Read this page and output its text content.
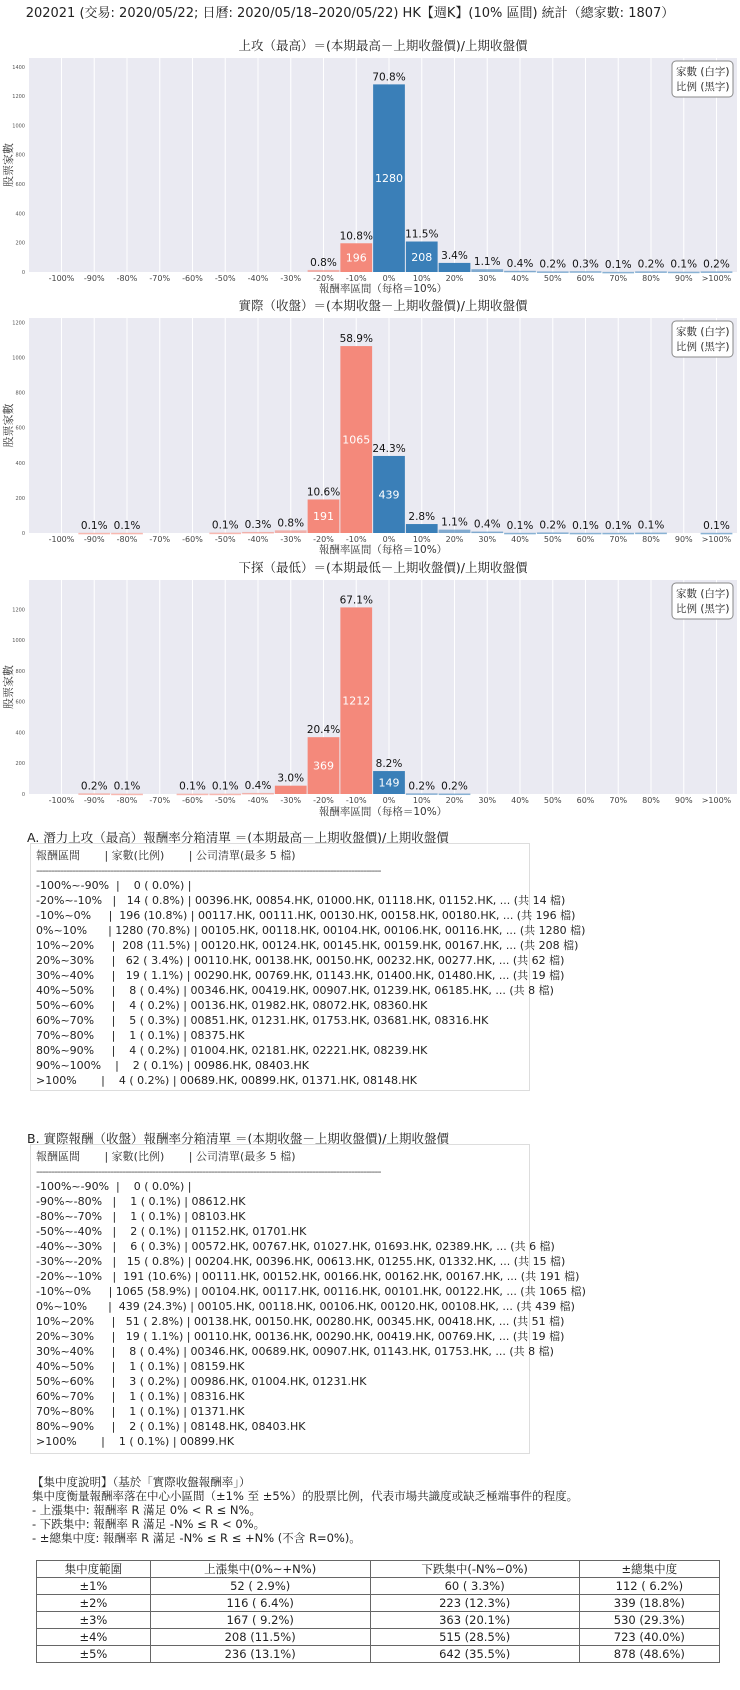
202021 (交易: 2020/05/22; 日曆: 2020/05/18–2020/05/22) HK【週K】(10% 區間) 統計（總家數: 1807）
上攻（最高）＝(本期最高－上期收盤價)/上期收盤價
股票家數
0
200
400
600
800
1000
1200
1400
-100% -90% -80% -70% -60% -50% -40% -30%
0.8%
-20%
196
10.8%
-10%
1280
70.8%
0%
208
11.5%
10%
3.4%
20%
1.1%
30%
0.4%
40%
0.2%
50%
0.3%
60%
0.1%
70%
0.2%
80%
0.1%
90%
0.2%
>100%
報酬率區間（每格＝10%）
家數 (白字)
比例 (黑字)
實際（收盤）＝(本期收盤－上期收盤價)/上期收盤價
股票家數
0
200
400
600
800
1000
1200
-100%
0.1%
-90%
0.1%
-80% -70% -60%
0.1%
-50%
0.3%
-40%
0.8%
-30%
191
10.6%
-20%
1065
58.9%
-10%
439
24.3%
0%
2.8%
10%
1.1%
20%
0.4%
30%
0.1%
40%
0.2%
50%
0.1%
60%
0.1%
70%
0.1%
80% 90%
0.1%
>100%
報酬率區間（每格＝10%）
家數 (白字)
比例 (黑字)
下探（最低）＝(本期最低－上期收盤價)/上期收盤價
股票家數
0
200
400
600
800
1000
1200
-100%
0.2%
-90%
0.1%
-80% -70%
0.1%
-60%
0.1%
-50%
0.4%
-40%
3.0%
-30%
369
20.4%
-20%
1212
67.1%
-10%
149
8.2%
0%
0.2%
10%
0.2%
20% 30% 40% 50% 60% 70% 80% 90% >100%
報酬率區間（每格＝10%）
家數 (白字)
比例 (黑字)
A. 潛力上攻（最高）報酬率分箱清單 ＝(本期最高－上期收盤價)/上期收盤價
報酬區間       | 家數(比例)       | 公司清單(最多 5 檔)
--------------------------------------------------------------------------------------------------------------------
-100%~-90%  |    0 ( 0.0%) |
-20%~-10%   |   14 ( 0.8%) | 00396.HK, 00854.HK, 01000.HK, 01118.HK, 01152.HK, ... (共 14 檔)
-10%~0%     |  196 (10.8%) | 00117.HK, 00111.HK, 00130.HK, 00158.HK, 00180.HK, ... (共 196 檔)
0%~10%      | 1280 (70.8%) | 00105.HK, 00118.HK, 00104.HK, 00106.HK, 00116.HK, ... (共 1280 檔)
10%~20%     |  208 (11.5%) | 00120.HK, 00124.HK, 00145.HK, 00159.HK, 00167.HK, ... (共 208 檔)
20%~30%     |   62 ( 3.4%) | 00110.HK, 00138.HK, 00150.HK, 00232.HK, 00277.HK, ... (共 62 檔)
30%~40%     |   19 ( 1.1%) | 00290.HK, 00769.HK, 01143.HK, 01400.HK, 01480.HK, ... (共 19 檔)
40%~50%     |    8 ( 0.4%) | 00346.HK, 00419.HK, 00907.HK, 01239.HK, 06185.HK, ... (共 8 檔)
50%~60%     |    4 ( 0.2%) | 00136.HK, 01982.HK, 08072.HK, 08360.HK
60%~70%     |    5 ( 0.3%) | 00851.HK, 01231.HK, 01753.HK, 03681.HK, 08316.HK
70%~80%     |    1 ( 0.1%) | 08375.HK
80%~90%     |    4 ( 0.2%) | 01004.HK, 02181.HK, 02221.HK, 08239.HK
90%~100%    |    2 ( 0.1%) | 00986.HK, 08403.HK
>100%       |    4 ( 0.2%) | 00689.HK, 00899.HK, 01371.HK, 08148.HK
B. 實際報酬（收盤）報酬率分箱清單 ＝(本期收盤－上期收盤價)/上期收盤價
報酬區間       | 家數(比例)       | 公司清單(最多 5 檔)
--------------------------------------------------------------------------------------------------------------------
-100%~-90%  |    0 ( 0.0%) |
-90%~-80%   |    1 ( 0.1%) | 08612.HK
-80%~-70%   |    1 ( 0.1%) | 08103.HK
-50%~-40%   |    2 ( 0.1%) | 01152.HK, 01701.HK
-40%~-30%   |    6 ( 0.3%) | 00572.HK, 00767.HK, 01027.HK, 01693.HK, 02389.HK, ... (共 6 檔)
-30%~-20%   |   15 ( 0.8%) | 00204.HK, 00396.HK, 00613.HK, 01255.HK, 01332.HK, ... (共 15 檔)
-20%~-10%   |  191 (10.6%) | 00111.HK, 00152.HK, 00166.HK, 00162.HK, 00167.HK, ... (共 191 檔)
-10%~0%     | 1065 (58.9%) | 00104.HK, 00117.HK, 00116.HK, 00101.HK, 00122.HK, ... (共 1065 檔)
0%~10%      |  439 (24.3%) | 00105.HK, 00118.HK, 00106.HK, 00120.HK, 00108.HK, ... (共 439 檔)
10%~20%     |   51 ( 2.8%) | 00138.HK, 00150.HK, 00280.HK, 00345.HK, 00418.HK, ... (共 51 檔)
20%~30%     |   19 ( 1.1%) | 00110.HK, 00136.HK, 00290.HK, 00419.HK, 00769.HK, ... (共 19 檔)
30%~40%     |    8 ( 0.4%) | 00346.HK, 00689.HK, 00907.HK, 01143.HK, 01753.HK, ... (共 8 檔)
40%~50%     |    1 ( 0.1%) | 08159.HK
50%~60%     |    3 ( 0.2%) | 00986.HK, 01004.HK, 01231.HK
60%~70%     |    1 ( 0.1%) | 08316.HK
70%~80%     |    1 ( 0.1%) | 01371.HK
80%~90%     |    2 ( 0.1%) | 08148.HK, 08403.HK
>100%       |    1 ( 0.1%) | 00899.HK
【集中度說明】（基於「實際收盤報酬率」）
集中度衡量報酬率落在中心小區間（±1% 至 ±5%）的股票比例，代表市場共識度或缺乏極端事件的程度。
- 上漲集中: 報酬率 R 滿足 0% < R ≤ N%。
- 下跌集中: 報酬率 R 滿足 -N% ≤ R < 0%。
- ±總集中度: 報酬率 R 滿足 -N% ≤ R ≤ +N% (不含 R=0%)。
集中度範圍	上漲集中(0%~+N%)	下跌集中(-N%~0%)	±總集中度
±1%	52 ( 2.9%)	60 ( 3.3%)	112 ( 6.2%)
±2%	116 ( 6.4%)	223 (12.3%)	339 (18.8%)
±3%	167 ( 9.2%)	363 (20.1%)	530 (29.3%)
±4%	208 (11.5%)	515 (28.5%)	723 (40.0%)
±5%	236 (13.1%)	642 (35.5%)	878 (48.6%)
